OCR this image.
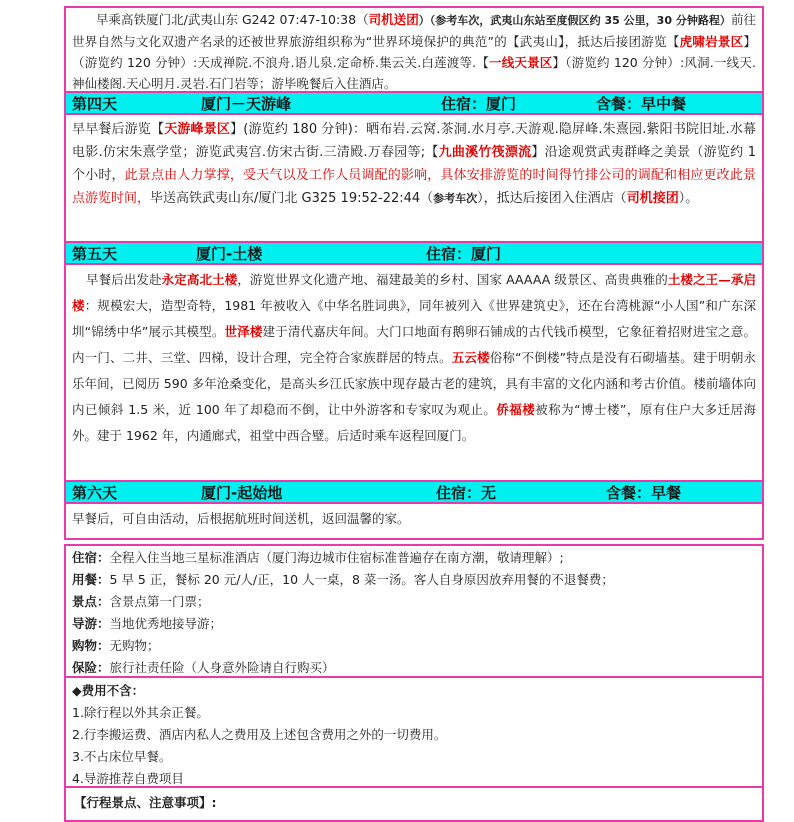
早乘高铁厦门北/武夷山东 G242 07:47-10:38（司机送团）（参考车次，武夷山东站至度假区约 35 公里，30 分钟路程）前往世界自然与文化双遗产名录的还被世界旅游组织称为“世界环境保护的典范”的【武夷山】，抵达后接团游览【虎啸岩景区】（游览约 120 分钟）:天成禅院.不浪舟.语儿泉.定命桥.集云关.白莲渡等.【一线天景区】（游览约 120 分钟）:风洞.一线天.神仙楼阁.天心明月.灵岩.石门岩等；游毕晚餐后入住酒店。
第四天	厦门－天游峰	住宿：厦门	含餐：早中餐
早早餐后游览【天游峰景区】(游览约 180 分钟)：晒布岩.云窝.茶洞.水月亭.天游观.隐屏峰.朱熹园.紫阳书院旧址.水幕电影.仿宋朱熹学堂；游览武夷宫.仿宋古街.三清殿.万春园等;【九曲溪竹筏漂流】沿途观赏武夷群峰之美景（游览约 1 个小时，此景点由人力掌撑，受天气以及工作人员调配的影响，具体安排游览的时间得竹排公司的调配和相应更改此景点游览时间，毕送高铁武夷山东/厦门北 G325 19:52-22:44（参考车次），抵达后接团入住酒店（司机接团）。
第五天	厦门-土楼	住宿：厦门
早餐后出发赴永定高北土楼，游览世界文化遗产地、福建最美的乡村、国家 AAAAA 级景区、高贵典雅的土楼之王—承启楼：规模宏大，造型奇特，1981 年被收入《中华名胜词典》，同年被列入《世界建筑史》，还在台湾桃源“小人国”和广东深圳“锦绣中华”展示其模型。世泽楼建于清代嘉庆年间。大门口地面有鹅卵石铺成的古代钱币模型，它象征着招财进宝之意。内一门、二井、三堂、四梯，设计合理，完全符合家族群居的特点。五云楼俗称“不倒楼”特点是没有石砌墙基。建于明朝永乐年间，已阅历 590 多年沧桑变化，是高头乡江氏家族中现存最古老的建筑，具有丰富的文化内涵和考古价值。楼前墙体向内已倾斜 1.5 米，近 100 年了却稳而不倒，让中外游客和专家叹为观止。侨福楼被称为“博士楼”，原有住户大多迁居海外。建于 1962 年，内通廊式，祖堂中西合璧。后适时乘车返程回厦门。
第六天	厦门-起始地	住宿：无	含餐：早餐
早餐后，可自由活动，后根据航班时间送机，返回温馨的家。
住宿：全程入住当地三星标准酒店（厦门海边城市住宿标准普遍存在南方潮，敬请理解）;
用餐：5 早 5 正，餐标 20 元/人/正，10 人一桌，8 菜一汤。客人自身原因放弃用餐的不退餐费；
景点：含景点第一门票；
导游：当地优秀地接导游；
购物：无购物；
保险：旅行社责任险（人身意外险请自行购买）
◆费用不含：
1.除行程以外其余正餐。
2.行李搬运费、酒店内私人之费用及上述包含费用之外的一切费用。
3.不占床位早餐。
4.导游推荐自费项目
【行程景点、注意事项】:
